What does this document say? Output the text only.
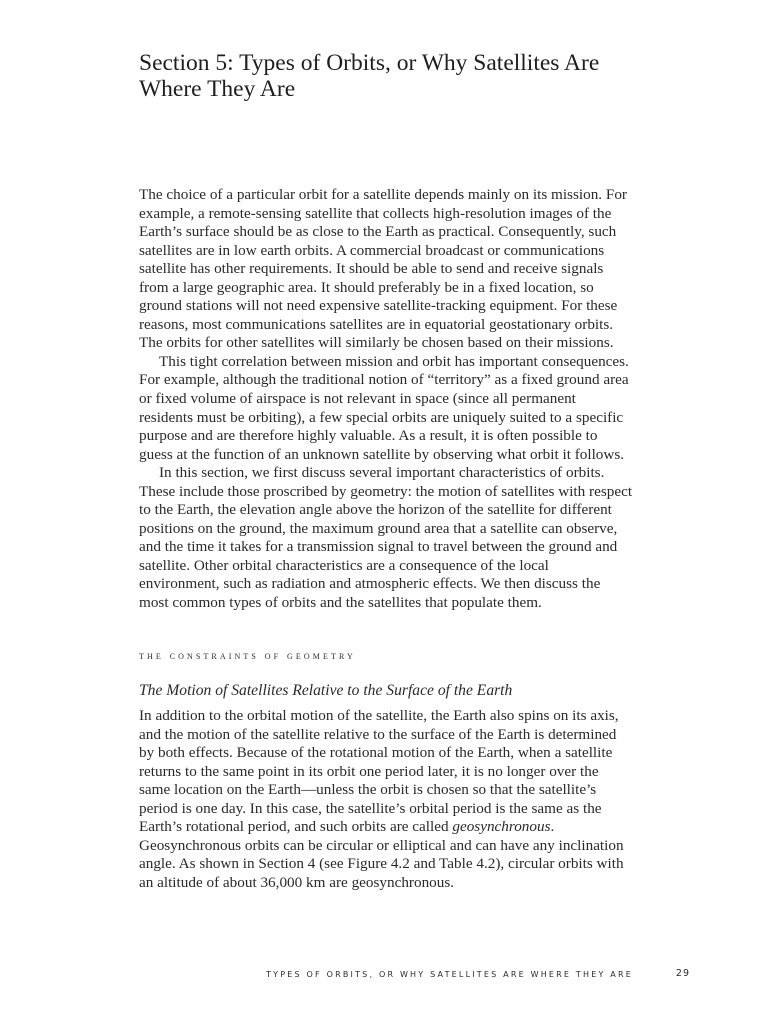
Section 5: Types of Orbits, or Why Satellites Are Where They Are

The choice of a particular orbit for a satellite depends mainly on its mission. For example, a remote-sensing satellite that collects high-resolution images of the Earth’s surface should be as close to the Earth as practical. Consequently, such satellites are in low earth orbits. A commercial broadcast or communications satellite has other requirements. It should be able to send and receive signals from a large geographic area. It should preferably be in a fixed location, so ground stations will not need expensive satellite-tracking equipment. For these reasons, most communications satellites are in equatorial geostationary orbits. The orbits for other satellites will similarly be chosen based on their missions.

This tight correlation between mission and orbit has important consequences. For example, although the traditional notion of “territory” as a fixed ground area or fixed volume of airspace is not relevant in space (since all permanent residents must be orbiting), a few special orbits are uniquely suited to a specific purpose and are therefore highly valuable. As a result, it is often possible to guess at the function of an unknown satellite by observing what orbit it follows.

In this section, we first discuss several important characteristics of orbits. These include those proscribed by geometry: the motion of satellites with respect to the Earth, the elevation angle above the horizon of the satellite for different positions on the ground, the maximum ground area that a satellite can observe, and the time it takes for a transmission signal to travel between the ground and satellite. Other orbital characteristics are a consequence of the local environment, such as radiation and atmospheric effects. We then discuss the most common types of orbits and the satellites that populate them.

the constraints of geometry
The Motion of Satellites Relative to the Surface of the Earth

In addition to the orbital motion of the satellite, the Earth also spins on its axis, and the motion of the satellite relative to the surface of the Earth is determined by both effects. Because of the rotational motion of the Earth, when a satellite returns to the same point in its orbit one period later, it is no longer over the same location on the Earth—unless the orbit is chosen so that the satellite’s period is one day. In this case, the satellite’s orbital period is the same as the Earth’s rotational period, and such orbits are called geosynchronous. Geosynchronous orbits can be circular or elliptical and can have any inclination angle. As shown in Section 4 (see Figure 4.2 and Table 4.2), circular orbits with an altitude of about 36,000 km are geosynchronous.

TYPES OF ORBITS, OR WHY SATELLITES ARE WHERE THEY ARE	29
